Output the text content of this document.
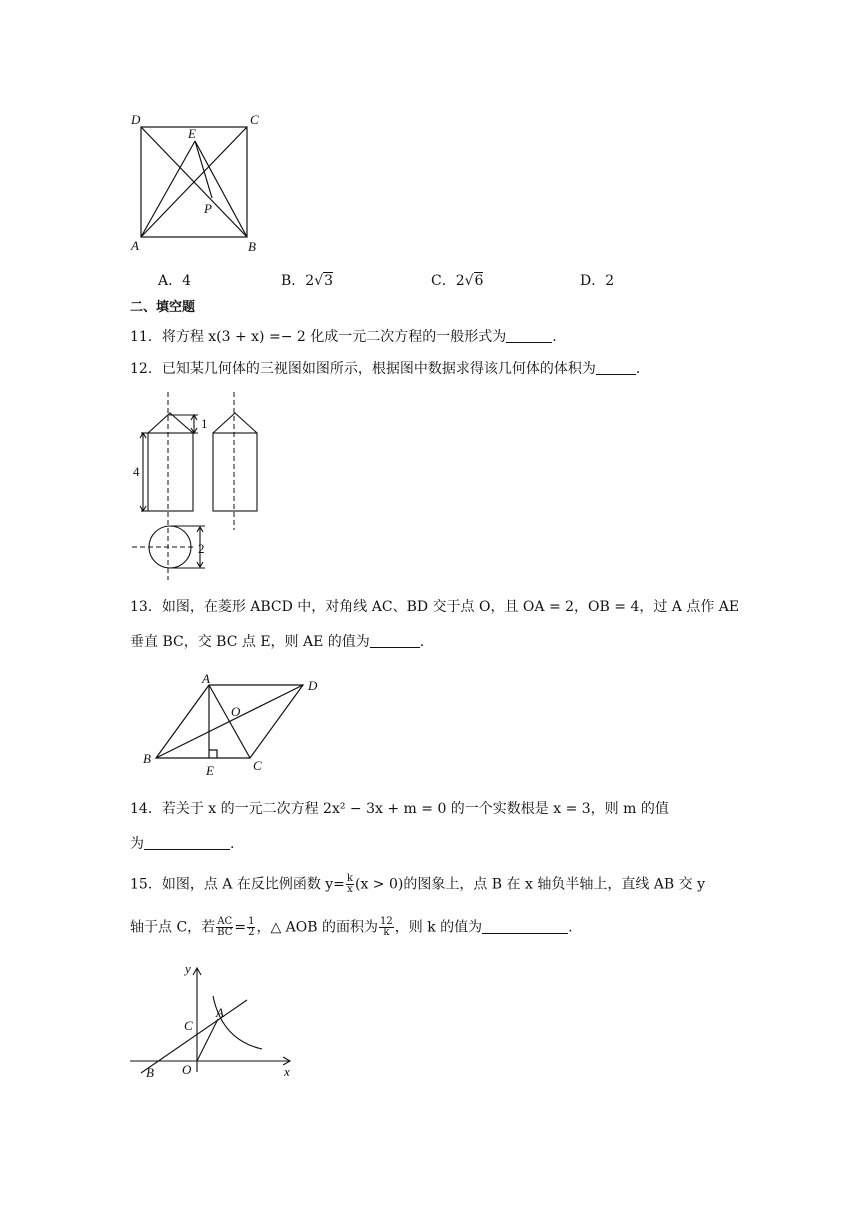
D	C
E
P
A	B
A．4	B．2√3	C．2√6	D．2
二、填空题
11．将方程 x(3 + x) =− 2 化成一元二次方程的一般形式为	.
12．已知某几何体的三视图如图所示，根据图中数据求得该几何体的体积为	.
1
4
2
13．如图，在菱形 ABCD 中，对角线 AC、BD 交于点 O，且 OA = 2，OB = 4，过 A 点作 AE
垂直 BC，交 BC 点 E，则 AE 的值为	.
A	D
O
B
E	C
14．若关于 x 的一元二次方程 2x² − 3x + m = 0 的一个实数根是 x = 3，则 m 的值
为	.
15．如图，点 A 在反比例函数 $y= \frac{k}{x} (x > 0)$的图象上，点 B 在 x 轴负半轴上，直线 AB 交 y
轴于点 C，若 $\frac{AC}{BC} = \frac{1}{2}$ ，△ AOB 的面积为 $\frac{12}{k}$ ，则 k 的值为	.
y
x
A
C
B O
